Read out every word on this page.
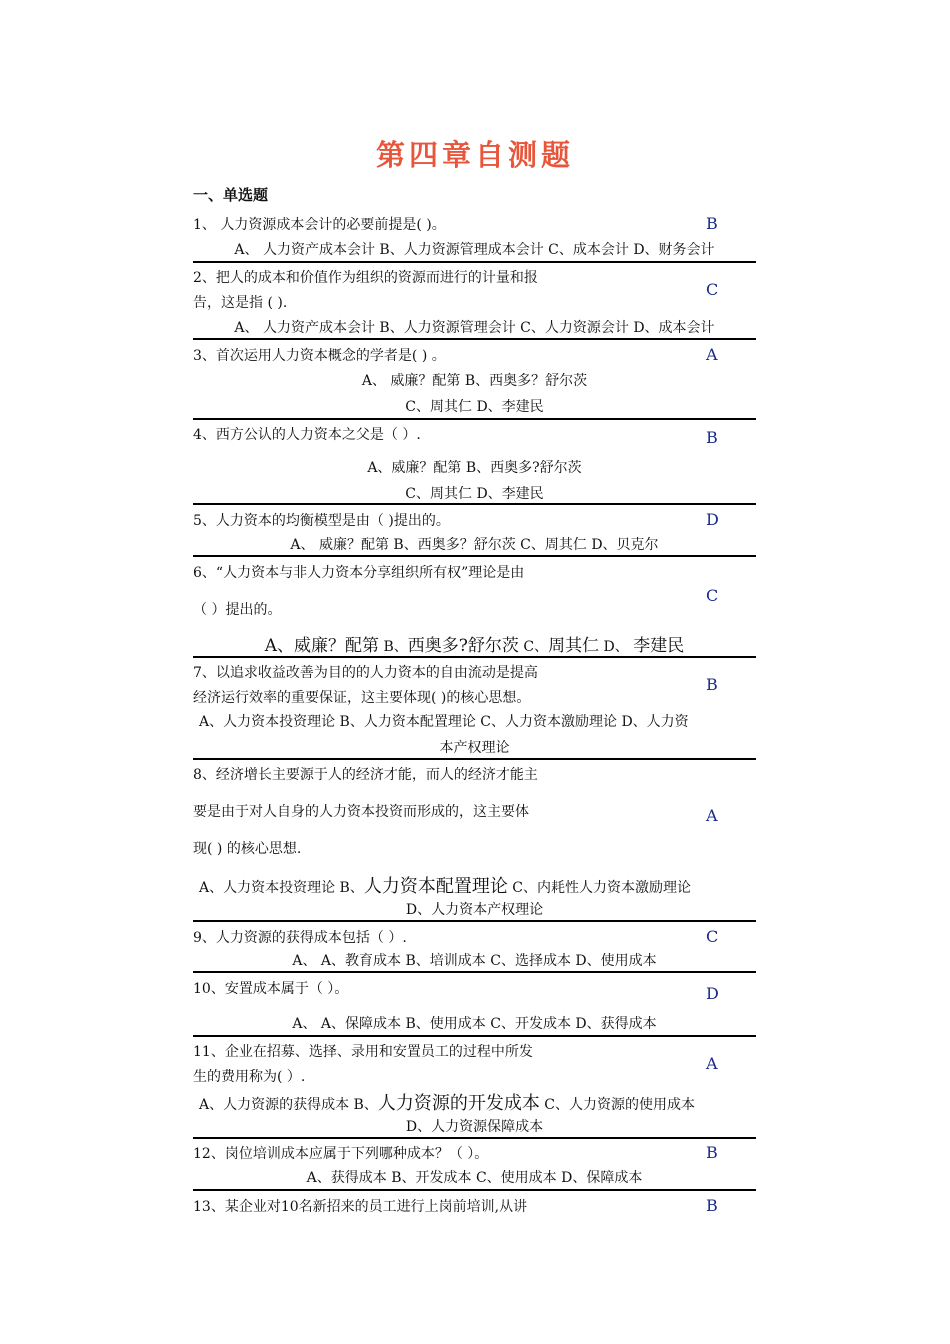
第四章自测题
一、单选题
1、 人力资源成本会计的必要前提是( )。	B
A、 人力资产成本会计 B、人力资源管理成本会计 C、成本会计 D、财务会计
2、把人的成本和价值作为组织的资源而进行的计量和报
告，这是指 ( ).
C
A、 人力资产成本会计 B、人力资源管理会计 C、人力资源会计 D、成本会计
3、首次运用人力资本概念的学者是( ) 。	A
A、 威廉？配第 B、西奥多？舒尔茨
C、周其仁 D、李建民
4、西方公认的人力资本之父是（ ）.	B
A、威廉？配第 B、西奥多?舒尔茨
C、周其仁 D、李建民
5、人力资本的均衡模型是由（ )提出的。	D
A、 威廉？配第 B、西奥多？舒尔茨 C、周其仁 D、贝克尔
6、“人力资本与非人力资本分享组织所有权”理论是由
（ ）提出的。
C
A、威廉？配第 B、西奥多?舒尔茨 C、周其仁 D、 李建民
7、以追求收益改善为目的的人力资本的自由流动是提高
经济运行效率的重要保证，这主要体现( )的核心思想。
B
A、人力资本投资理论 B、人力资本配置理论 C、人力资本激励理论 D、人力资
本产权理论
8、经济增长主要源于人的经济才能，而人的经济才能主
要是由于对人自身的人力资本投资而形成的，这主要体
现( ) 的核心思想.
A
A、人力资本投资理论 B、人力资本配置理论 C、内耗性人力资本激励理论
D、人力资本产权理论
9、人力资源的获得成本包括（ ）.	C
A、 A、教育成本 B、培训成本 C、选择成本 D、使用成本
10、安置成本属于（ ）。	D
A、 A、保障成本 B、使用成本 C、开发成本 D、获得成本
11、企业在招募、选择、录用和安置员工的过程中所发
生的费用称为( ）.
A
A、人力资源的获得成本 B、人力资源的开发成本 C、人力资源的使用成本
D、人力资源保障成本
12、岗位培训成本应属于下列哪种成本？（ ）。	B
A、获得成本 B、开发成本 C、使用成本 D、保障成本
13、某企业对10名新招来的员工进行上岗前培训,从讲	B
